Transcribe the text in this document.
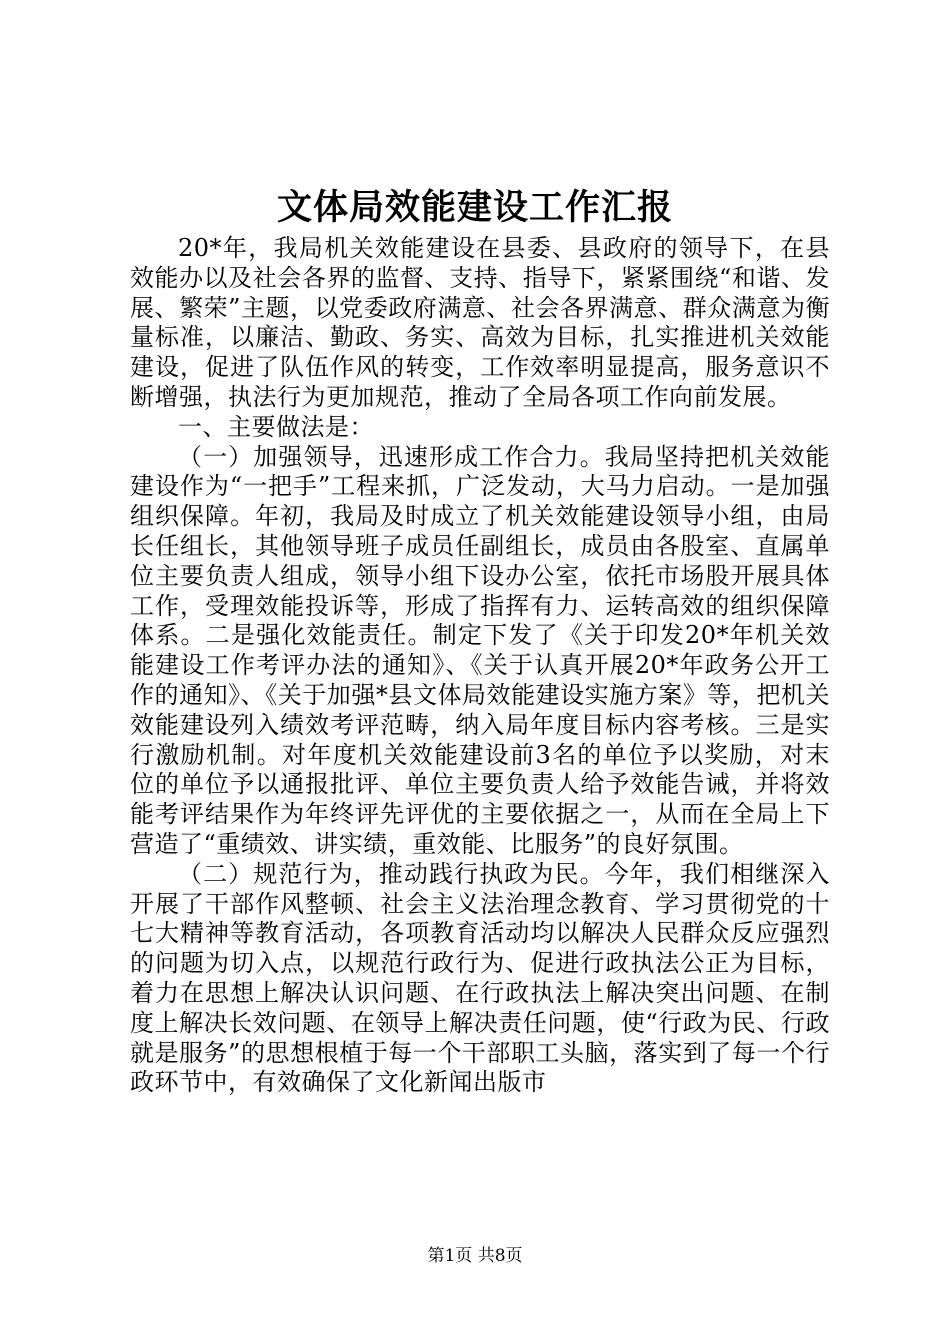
文体局效能建设工作汇报

20*年，我局机关效能建设在县委、县政府的领导下，在县效能办以及社会各界的监督、支持、指导下，紧紧围绕“和谐、发展、繁荣”主题，以党委政府满意、社会各界满意、群众满意为衡量标准，以廉洁、勤政、务实、高效为目标，扎实推进机关效能建设，促进了队伍作风的转变，工作效率明显提高，服务意识不断增强，执法行为更加规范，推动了全局各项工作向前发展。

一、主要做法是：

（一）加强领导，迅速形成工作合力。我局坚持把机关效能建设作为“一把手”工程来抓，广泛发动，大马力启动。一是加强组织保障。年初，我局及时成立了机关效能建设领导小组，由局长任组长，其他领导班子成员任副组长，成员由各股室、直属单位主要负责人组成，领导小组下设办公室，依托市场股开展具体工作，受理效能投诉等，形成了指挥有力、运转高效的组织保障体系。二是强化效能责任。制定下发了《关于印发20*年机关效能建设工作考评办法的通知》、《关于认真开展20*年政务公开工作的通知》、《关于加强*县文体局效能建设实施方案》等，把机关效能建设列入绩效考评范畴，纳入局年度目标内容考核。三是实行激励机制。对年度机关效能建设前3名的单位予以奖励，对末位的单位予以通报批评、单位主要负责人给予效能告诫，并将效能考评结果作为年终评先评优的主要依据之一，从而在全局上下营造了“重绩效、讲实绩，重效能、比服务”的良好氛围。

（二）规范行为，推动践行执政为民。今年，我们相继深入开展了干部作风整顿、社会主义法治理念教育、学习贯彻党的十七大精神等教育活动，各项教育活动均以解决人民群众反应强烈的问题为切入点，以规范行政行为、促进行政执法公正为目标，着力在思想上解决认识问题、在行政执法上解决突出问题、在制度上解决长效问题、在领导上解决责任问题，使“行政为民、行政就是服务”的思想根植于每一个干部职工头脑，落实到了每一个行政环节中，有效确保了文化新闻出版市

第1页 共8页
